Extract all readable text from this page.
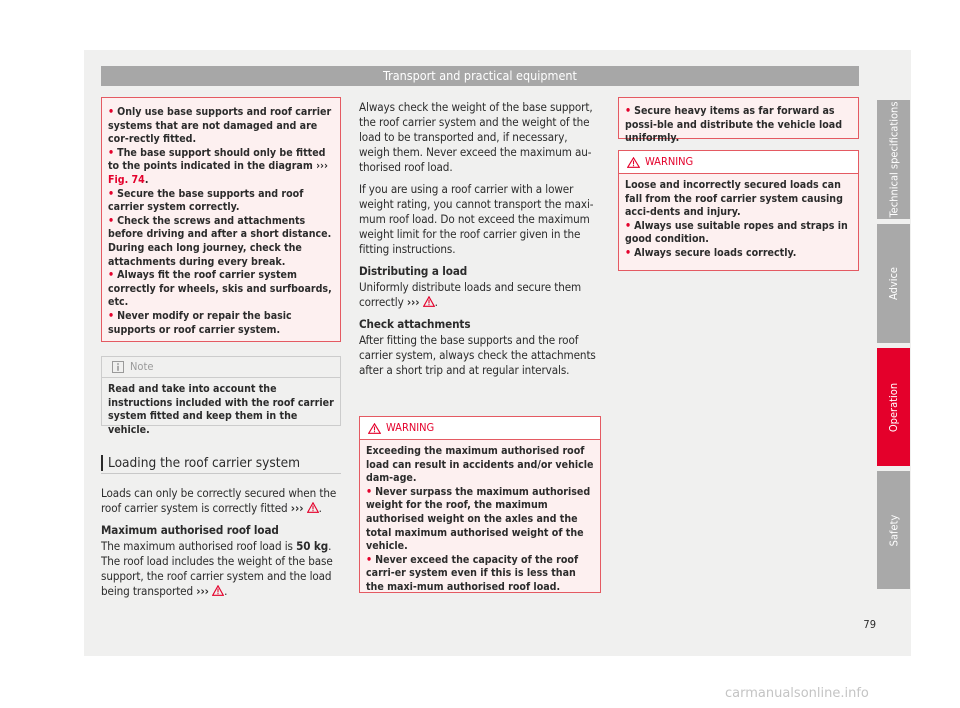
Transport and practical equipment

• Only use base supports and roof carrier systems that are not damaged and are cor-rectly fitted.

• The base support should only be fitted to the points indicated in the diagram ››› Fig. 74.

• Secure the base supports and roof carrier system correctly.

• Check the screws and attachments before driving and after a short distance. During each long journey, check the attachments during every break.

• Always fit the roof carrier system correctly for wheels, skis and surfboards, etc.

• Never modify or repair the basic supports or roof carrier system.

Note

Read and take into account the instructions included with the roof carrier system fitted and keep them in the vehicle.

Loading the roof carrier system

Loads can only be correctly secured when the roof carrier system is correctly fitted ››› .

Maximum authorised roof load

The maximum authorised roof load is 50 kg. The roof load includes the weight of the base support, the roof carrier system and the load being transported ››› .

Always check the weight of the base support, the roof carrier system and the weight of the load to be transported and, if necessary, weigh them. Never exceed the maximum au-thorised roof load.

If you are using a roof carrier with a lower weight rating, you cannot transport the maxi-mum roof load. Do not exceed the maximum weight limit for the roof carrier given in the fitting instructions.

Distributing a load

Uniformly distribute loads and secure them correctly ››› .

Check attachments

After fitting the base supports and the roof carrier system, always check the attachments after a short trip and at regular intervals.

WARNING

Exceeding the maximum authorised roof load can result in accidents and/or vehicle dam-age.

• Never surpass the maximum authorised weight for the roof, the maximum authorised weight on the axles and the total maximum authorised weight of the vehicle.

• Never exceed the capacity of the roof carri-er system even if this is less than the maxi-mum authorised roof load.

• Secure heavy items as far forward as possi-ble and distribute the vehicle load uniformly.

WARNING

Loose and incorrectly secured loads can fall from the roof carrier system causing acci-dents and injury.

• Always use suitable ropes and straps in good condition.

• Always secure loads correctly.

Technical specifications
Advice
Operation
Safety
79
carmanualsonline.info
